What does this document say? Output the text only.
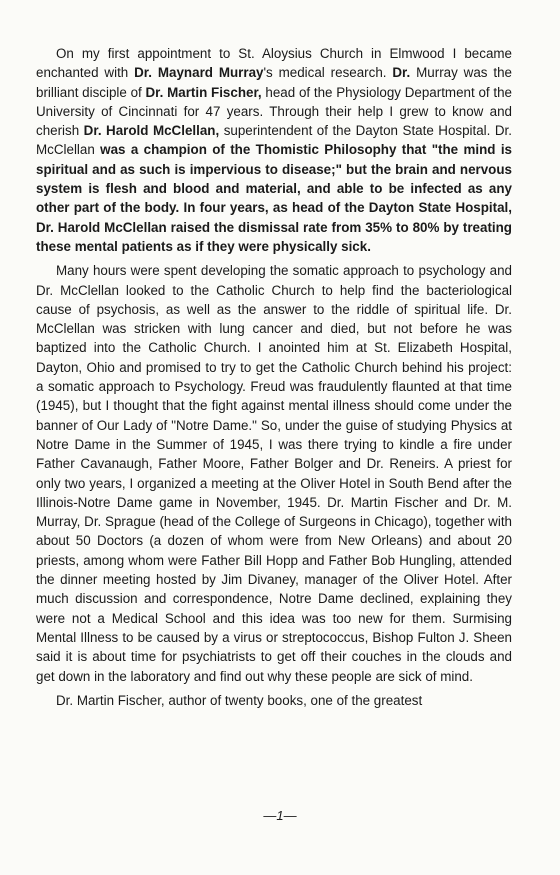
On my first appointment to St. Aloysius Church in Elmwood I became enchanted with Dr. Maynard Murray's medical research. Dr. Murray was the brilliant disciple of Dr. Martin Fischer, head of the Physiology Department of the University of Cincinnati for 47 years. Through their help I grew to know and cherish Dr. Harold McClellan, superintendent of the Dayton State Hospital. Dr. McClellan was a champion of the Thomistic Philosophy that "the mind is spiritual and as such is impervious to disease;" but the brain and nervous system is flesh and blood and material, and able to be infected as any other part of the body. In four years, as head of the Dayton State Hospital, Dr. Harold McClellan raised the dismissal rate from 35% to 80% by treating these mental patients as if they were physically sick.

Many hours were spent developing the somatic approach to psychology and Dr. McClellan looked to the Catholic Church to help find the bacteriological cause of psychosis, as well as the answer to the riddle of spiritual life. Dr. McClellan was stricken with lung cancer and died, but not before he was baptized into the Catholic Church. I anointed him at St. Elizabeth Hospital, Dayton, Ohio and promised to try to get the Catholic Church behind his project: a somatic approach to Psychology. Freud was fraudulently flaunted at that time (1945), but I thought that the fight against mental illness should come under the banner of Our Lady of "Notre Dame." So, under the guise of studying Physics at Notre Dame in the Summer of 1945, I was there trying to kindle a fire under Father Cavanaugh, Father Moore, Father Bolger and Dr. Reneirs. A priest for only two years, I organized a meeting at the Oliver Hotel in South Bend after the Illinois-Notre Dame game in November, 1945. Dr. Martin Fischer and Dr. M. Murray, Dr. Sprague (head of the College of Surgeons in Chicago), together with about 50 Doctors (a dozen of whom were from New Orleans) and about 20 priests, among whom were Father Bill Hopp and Father Bob Hungling, attended the dinner meeting hosted by Jim Divaney, manager of the Oliver Hotel. After much discussion and correspondence, Notre Dame declined, explaining they were not a Medical School and this idea was too new for them. Surmising Mental Illness to be caused by a virus or streptococcus, Bishop Fulton J. Sheen said it is about time for psychiatrists to get off their couches in the clouds and get down in the laboratory and find out why these people are sick of mind.

Dr. Martin Fischer, author of twenty books, one of the greatest

—1—
